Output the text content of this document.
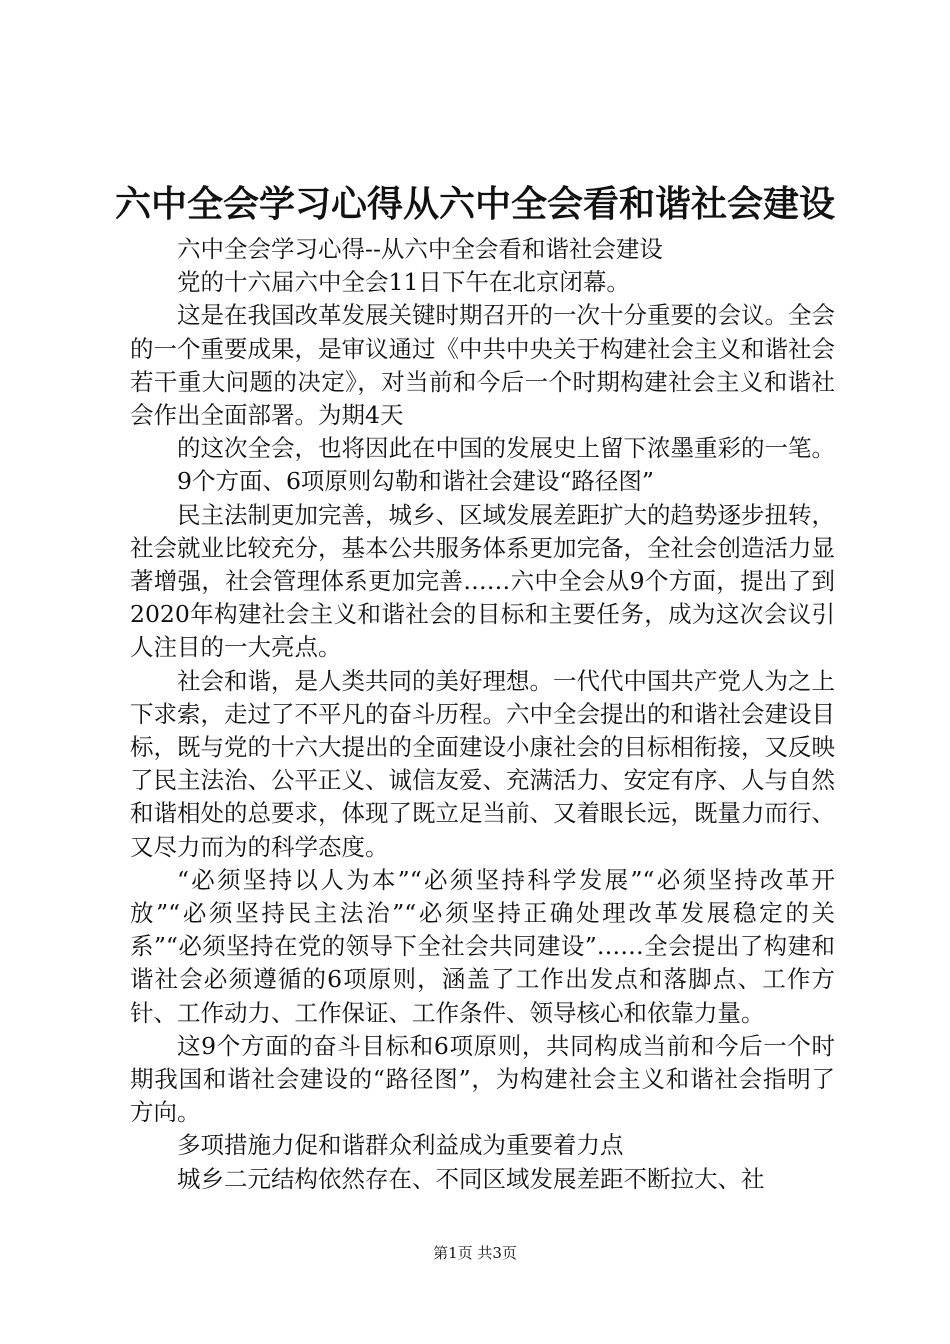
六中全会学习心得从六中全会看和谐社会建设

六中全会学习心得--从六中全会看和谐社会建设

党的十六届六中全会11日下午在北京闭幕。

这是在我国改革发展关键时期召开的一次十分重要的会议。全会的一个重要成果，是审议通过《中共中央关于构建社会主义和谐社会若干重大问题的决定》，对当前和今后一个时期构建社会主义和谐社会作出全面部署。为期4天

的这次全会，也将因此在中国的发展史上留下浓墨重彩的一笔。

9个方面、6项原则勾勒和谐社会建设“路径图”

民主法制更加完善，城乡、区域发展差距扩大的趋势逐步扭转，社会就业比较充分，基本公共服务体系更加完备，全社会创造活力显著增强，社会管理体系更加完善……六中全会从9个方面，提出了到2020年构建社会主义和谐社会的目标和主要任务，成为这次会议引人注目的一大亮点。

社会和谐，是人类共同的美好理想。一代代中国共产党人为之上下求索，走过了不平凡的奋斗历程。六中全会提出的和谐社会建设目标，既与党的十六大提出的全面建设小康社会的目标相衔接，又反映了民主法治、公平正义、诚信友爱、充满活力、安定有序、人与自然和谐相处的总要求，体现了既立足当前、又着眼长远，既量力而行、又尽力而为的科学态度。

“必须坚持以人为本”“必须坚持科学发展”“必须坚持改革开放”“必须坚持民主法治”“必须坚持正确处理改革发展稳定的关系”“必须坚持在党的领导下全社会共同建设”……全会提出了构建和谐社会必须遵循的6项原则，涵盖了工作出发点和落脚点、工作方针、工作动力、工作保证、工作条件、领导核心和依靠力量。

这9个方面的奋斗目标和6项原则，共同构成当前和今后一个时期我国和谐社会建设的“路径图”，为构建社会主义和谐社会指明了方向。

多项措施力促和谐群众利益成为重要着力点

城乡二元结构依然存在、不同区域发展差距不断拉大、社

第1页 共3页
